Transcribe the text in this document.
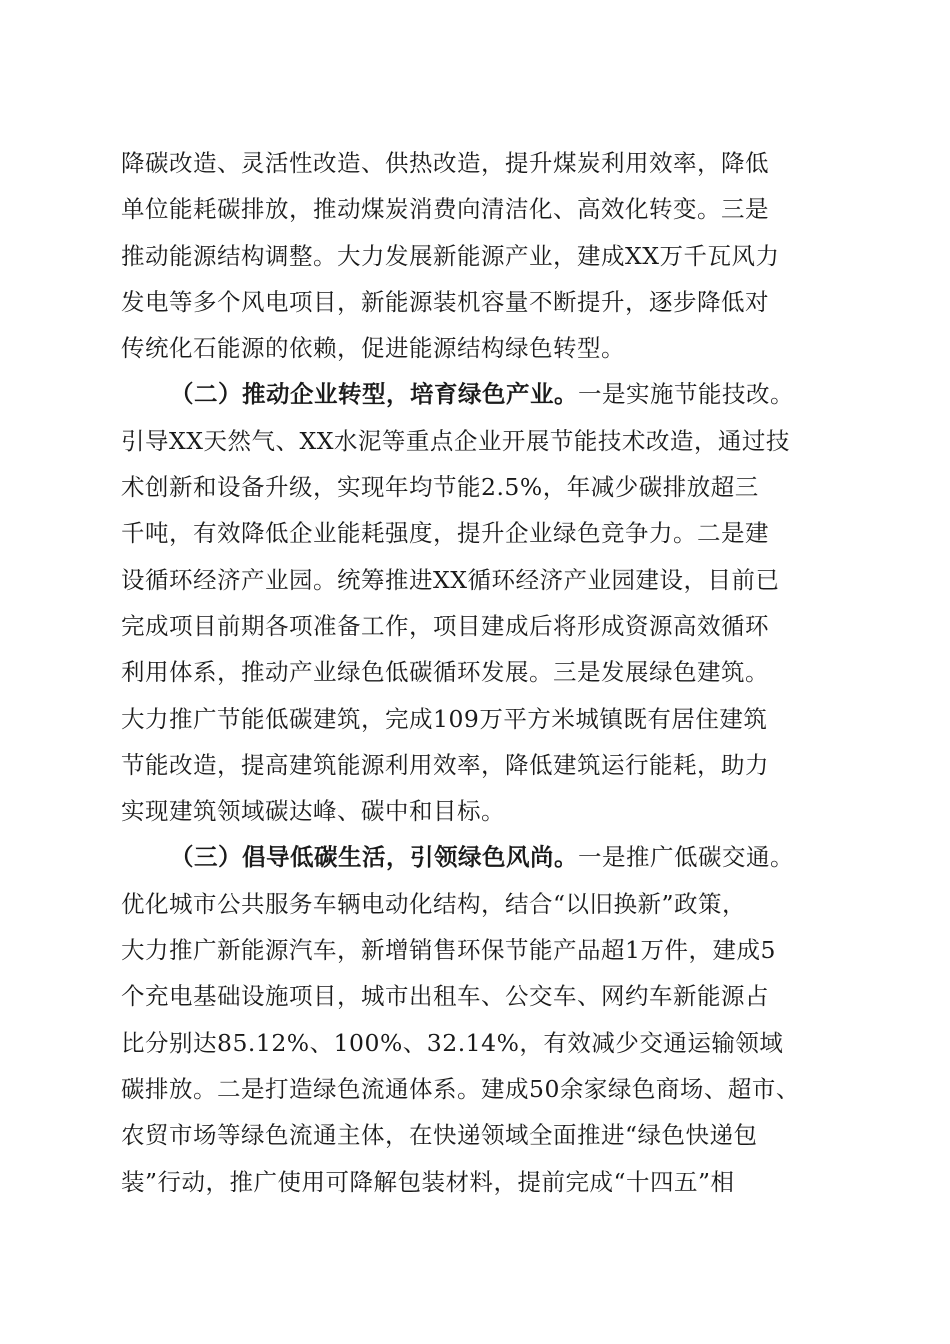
降碳改造、灵活性改造、供热改造，提升煤炭利用效率，降低
单位能耗碳排放，推动煤炭消费向清洁化、高效化转变。三是
推动能源结构调整。大力发展新能源产业，建成XX万千瓦风力
发电等多个风电项目，新能源装机容量不断提升，逐步降低对
传统化石能源的依赖，促进能源结构绿色转型。
（二）推动企业转型，培育绿色产业。一是实施节能技改。
引导XX天然气、XX水泥等重点企业开展节能技术改造，通过技
术创新和设备升级，实现年均节能2.5%，年减少碳排放超三
千吨，有效降低企业能耗强度，提升企业绿色竞争力。二是建
设循环经济产业园。统筹推进XX循环经济产业园建设，目前已
完成项目前期各项准备工作，项目建成后将形成资源高效循环
利用体系，推动产业绿色低碳循环发展。三是发展绿色建筑。
大力推广节能低碳建筑，完成109万平方米城镇既有居住建筑
节能改造，提高建筑能源利用效率，降低建筑运行能耗，助力
实现建筑领域碳达峰、碳中和目标。
（三）倡导低碳生活，引领绿色风尚。一是推广低碳交通。
优化城市公共服务车辆电动化结构，结合“以旧换新”政策，
大力推广新能源汽车，新增销售环保节能产品超1万件，建成5
个充电基础设施项目，城市出租车、公交车、网约车新能源占
比分别达85.12%、100%、32.14%，有效减少交通运输领域
碳排放。二是打造绿色流通体系。建成50余家绿色商场、超市、
农贸市场等绿色流通主体，在快递领域全面推进“绿色快递包
装”行动，推广使用可降解包装材料，提前完成“十四五”相
